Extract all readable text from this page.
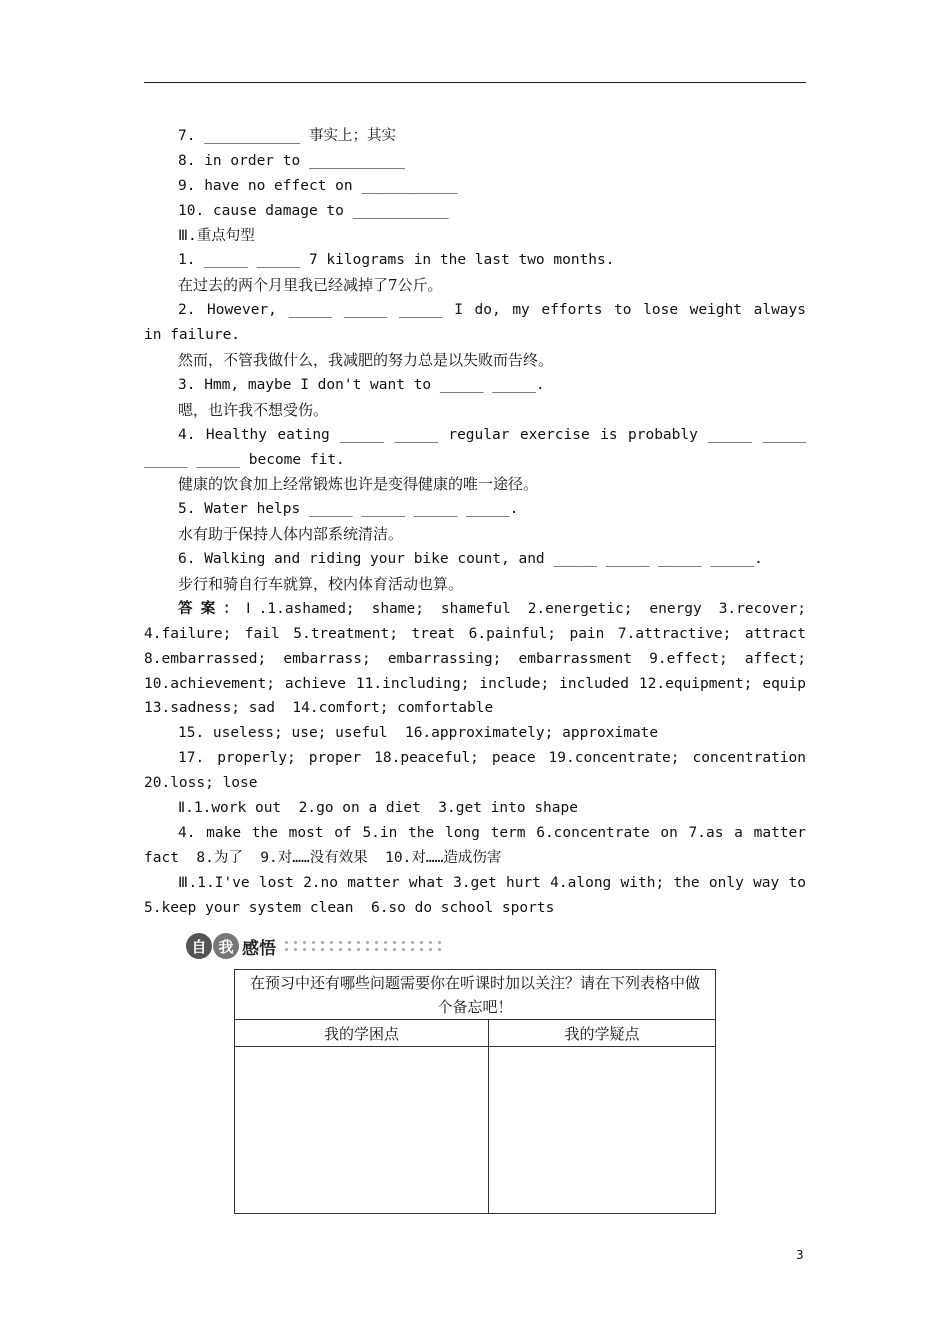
7. ___________ 事实上；其实
8. in order to ___________
9. have no effect on ___________
10. cause damage to ___________
Ⅲ.重点句型
1. _____ _____ 7 kilograms in the last two months.
在过去的两个月里我已经减掉了7公斤。
2. However, _____ _____ _____ I do, my efforts to lose weight always
in failure.
然而，不管我做什么，我减肥的努力总是以失败而告终。
3. Hmm, maybe I don't want to _____ _____.
嗯，也许我不想受伤。
4. Healthy eating _____ _____ regular exercise is probably _____ _____
_____ _____ become fit.
健康的饮食加上经常锻炼也许是变得健康的唯一途径。
5. Water helps _____ _____ _____ _____.
水有助于保持人体内部系统清洁。
6. Walking and riding your bike count, and _____ _____ _____ _____.
步行和骑自行车就算，校内体育活动也算。
答案：Ⅰ.1.ashamed; shame; shameful 2.energetic; energy 3.recover;
4.failure; fail 5.treatment; treat 6.painful; pain 7.attractive; attract
8.embarrassed; embarrass; embarrassing; embarrassment 9.effect; affect;
10.achievement; achieve 11.including; include; included 12.equipment; equip
13.sadness; sad  14.comfort; comfortable
15. useless; use; useful  16.approximately; approximate
17. properly; proper 18.peaceful; peace 19.concentrate; concentration
20.loss; lose
Ⅱ.1.work out  2.go on a diet  3.get into shape
4. make the most of 5.in the long term 6.concentrate on 7.as a matter
fact  8.为了  9.对……没有效果  10.对……造成伤害
Ⅲ.1.I've lost 2.no matter what 3.get hurt 4.along with; the only way to
5.keep your system clean  6.so do school sports
自 我 感悟
在预习中还有哪些问题需要你在听课时加以关注？请在下列表格中做个备忘吧！	

我的学困点	我的学疑点

3
